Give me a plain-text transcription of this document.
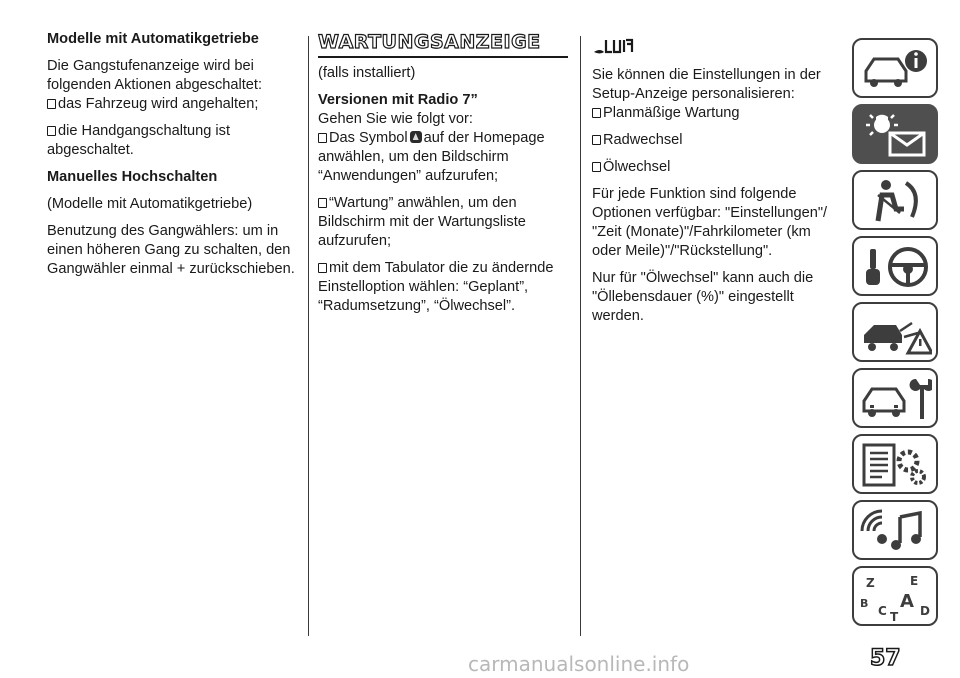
Modelle mit Automatikgetriebe

Die Gangstufenanzeige wird bei folgenden Aktionen abgeschaltet:

das Fahrzeug wird angehalten;

die Handgangschaltung ist abgeschaltet.

Manuelles Hochschalten

(Modelle mit Automatikgetriebe)

Benutzung des Gangwählers: um in einen höheren Gang zu schalten, den Gangwähler einmal + zurückschieben.

WARTUNGSANZEIGE

(falls installiert)

Versionen mit Radio 7”

Gehen Sie wie folgt vor:

Das Symbol auf der Homepage anwählen, um den Bildschirm “Anwendungen” aufzurufen;

“Wartung” anwählen, um den Bildschirm mit der Wartungsliste aufzurufen;

mit dem Tabulator die zu ändernde Einstelloption wählen: “Geplant”, “Radumsetzung”, “Ölwechsel”.

Sie können die Einstellungen in der Setup-Anzeige personalisieren:

Planmäßige Wartung

Radwechsel

Ölwechsel

Für jede Funktion sind folgende Optionen verfügbar: "Einstellungen"/ "Zeit (Monate)"/Fahrkilometer (km oder Meile)"/"Rückstellung".

Nur für "Ölwechsel" kann auch die "Öllebensdauer (%)" eingestellt werden.

Z	E
B A
C	D
T
57
carmanualsonline.info
